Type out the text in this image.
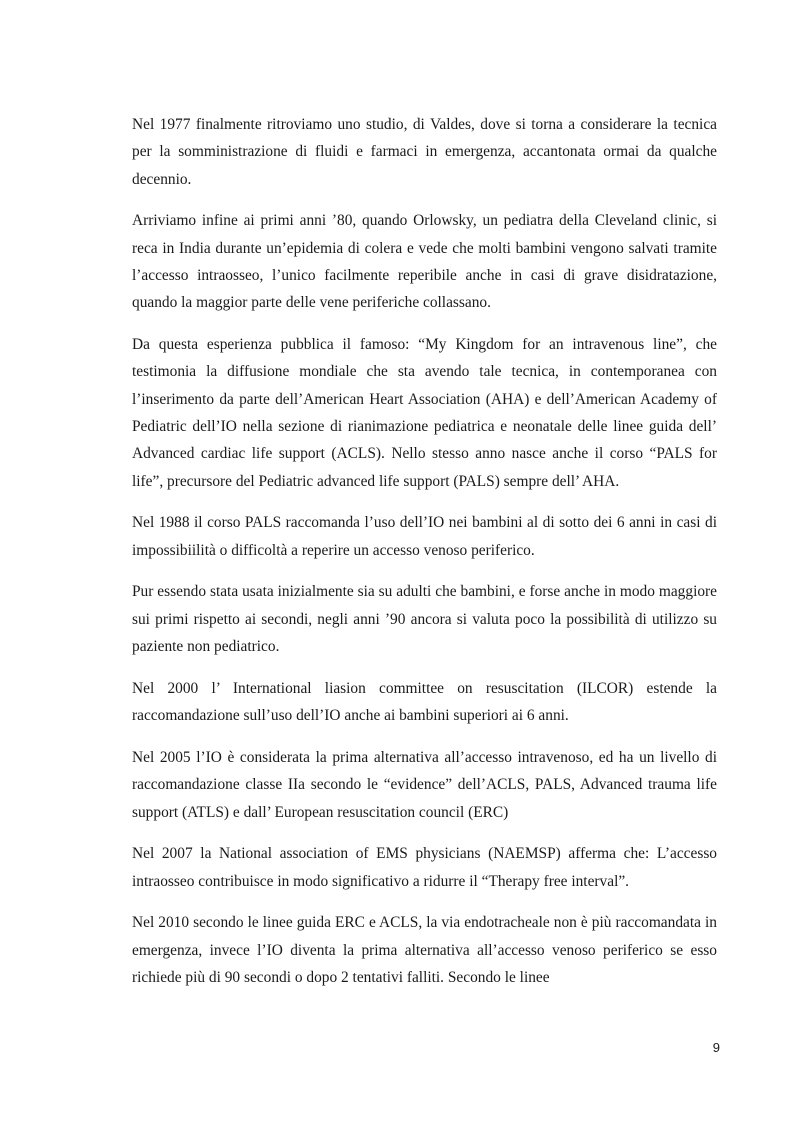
Nel 1977 finalmente ritroviamo uno studio, di Valdes, dove si torna a considerare la tecnica per la somministrazione di fluidi e farmaci in emergenza, accantonata ormai da qualche decennio.

Arriviamo infine ai primi anni ’80, quando Orlowsky, un pediatra della Cleveland clinic, si reca in India durante un’epidemia di colera e vede che molti bambini vengono salvati tramite l’accesso intraosseo, l’unico facilmente reperibile anche in casi di grave disidratazione, quando la maggior parte delle vene periferiche collassano.

Da questa esperienza pubblica il famoso: “My Kingdom for an intravenous line”, che testimonia la diffusione mondiale che sta avendo tale tecnica, in contemporanea con l’inserimento da parte dell’American Heart Association (AHA) e dell’American Academy of Pediatric dell’IO nella sezione di rianimazione pediatrica e neonatale delle linee guida dell’ Advanced cardiac life support (ACLS). Nello stesso anno nasce anche il corso “PALS for life”, precursore del Pediatric advanced life support (PALS) sempre dell’ AHA.

Nel 1988 il corso PALS raccomanda l’uso dell’IO nei bambini al di sotto dei 6 anni in casi di impossibiilità o difficoltà a reperire un accesso venoso periferico.

Pur essendo stata usata inizialmente sia su adulti che bambini, e forse anche in modo maggiore sui primi rispetto ai secondi, negli anni ’90 ancora si valuta poco la possibilità di utilizzo su paziente non pediatrico.

Nel 2000 l’ International liasion committee on resuscitation (ILCOR) estende la raccomandazione sull’uso dell’IO anche ai bambini superiori ai 6 anni.

Nel 2005 l’IO è considerata la prima alternativa all’accesso intravenoso, ed ha un livello di raccomandazione classe IIa secondo le “evidence” dell’ACLS, PALS, Advanced trauma life support (ATLS) e dall’ European resuscitation council (ERC)

Nel 2007 la National association of EMS physicians (NAEMSP) afferma che: L’accesso intraosseo contribuisce in modo significativo a ridurre il “Therapy free interval”.

Nel 2010 secondo le linee guida ERC e ACLS, la via endotracheale non è più raccomandata in emergenza, invece l’IO diventa la prima alternativa all’accesso venoso periferico se esso richiede più di 90 secondi o dopo 2 tentativi falliti. Secondo le linee

9
